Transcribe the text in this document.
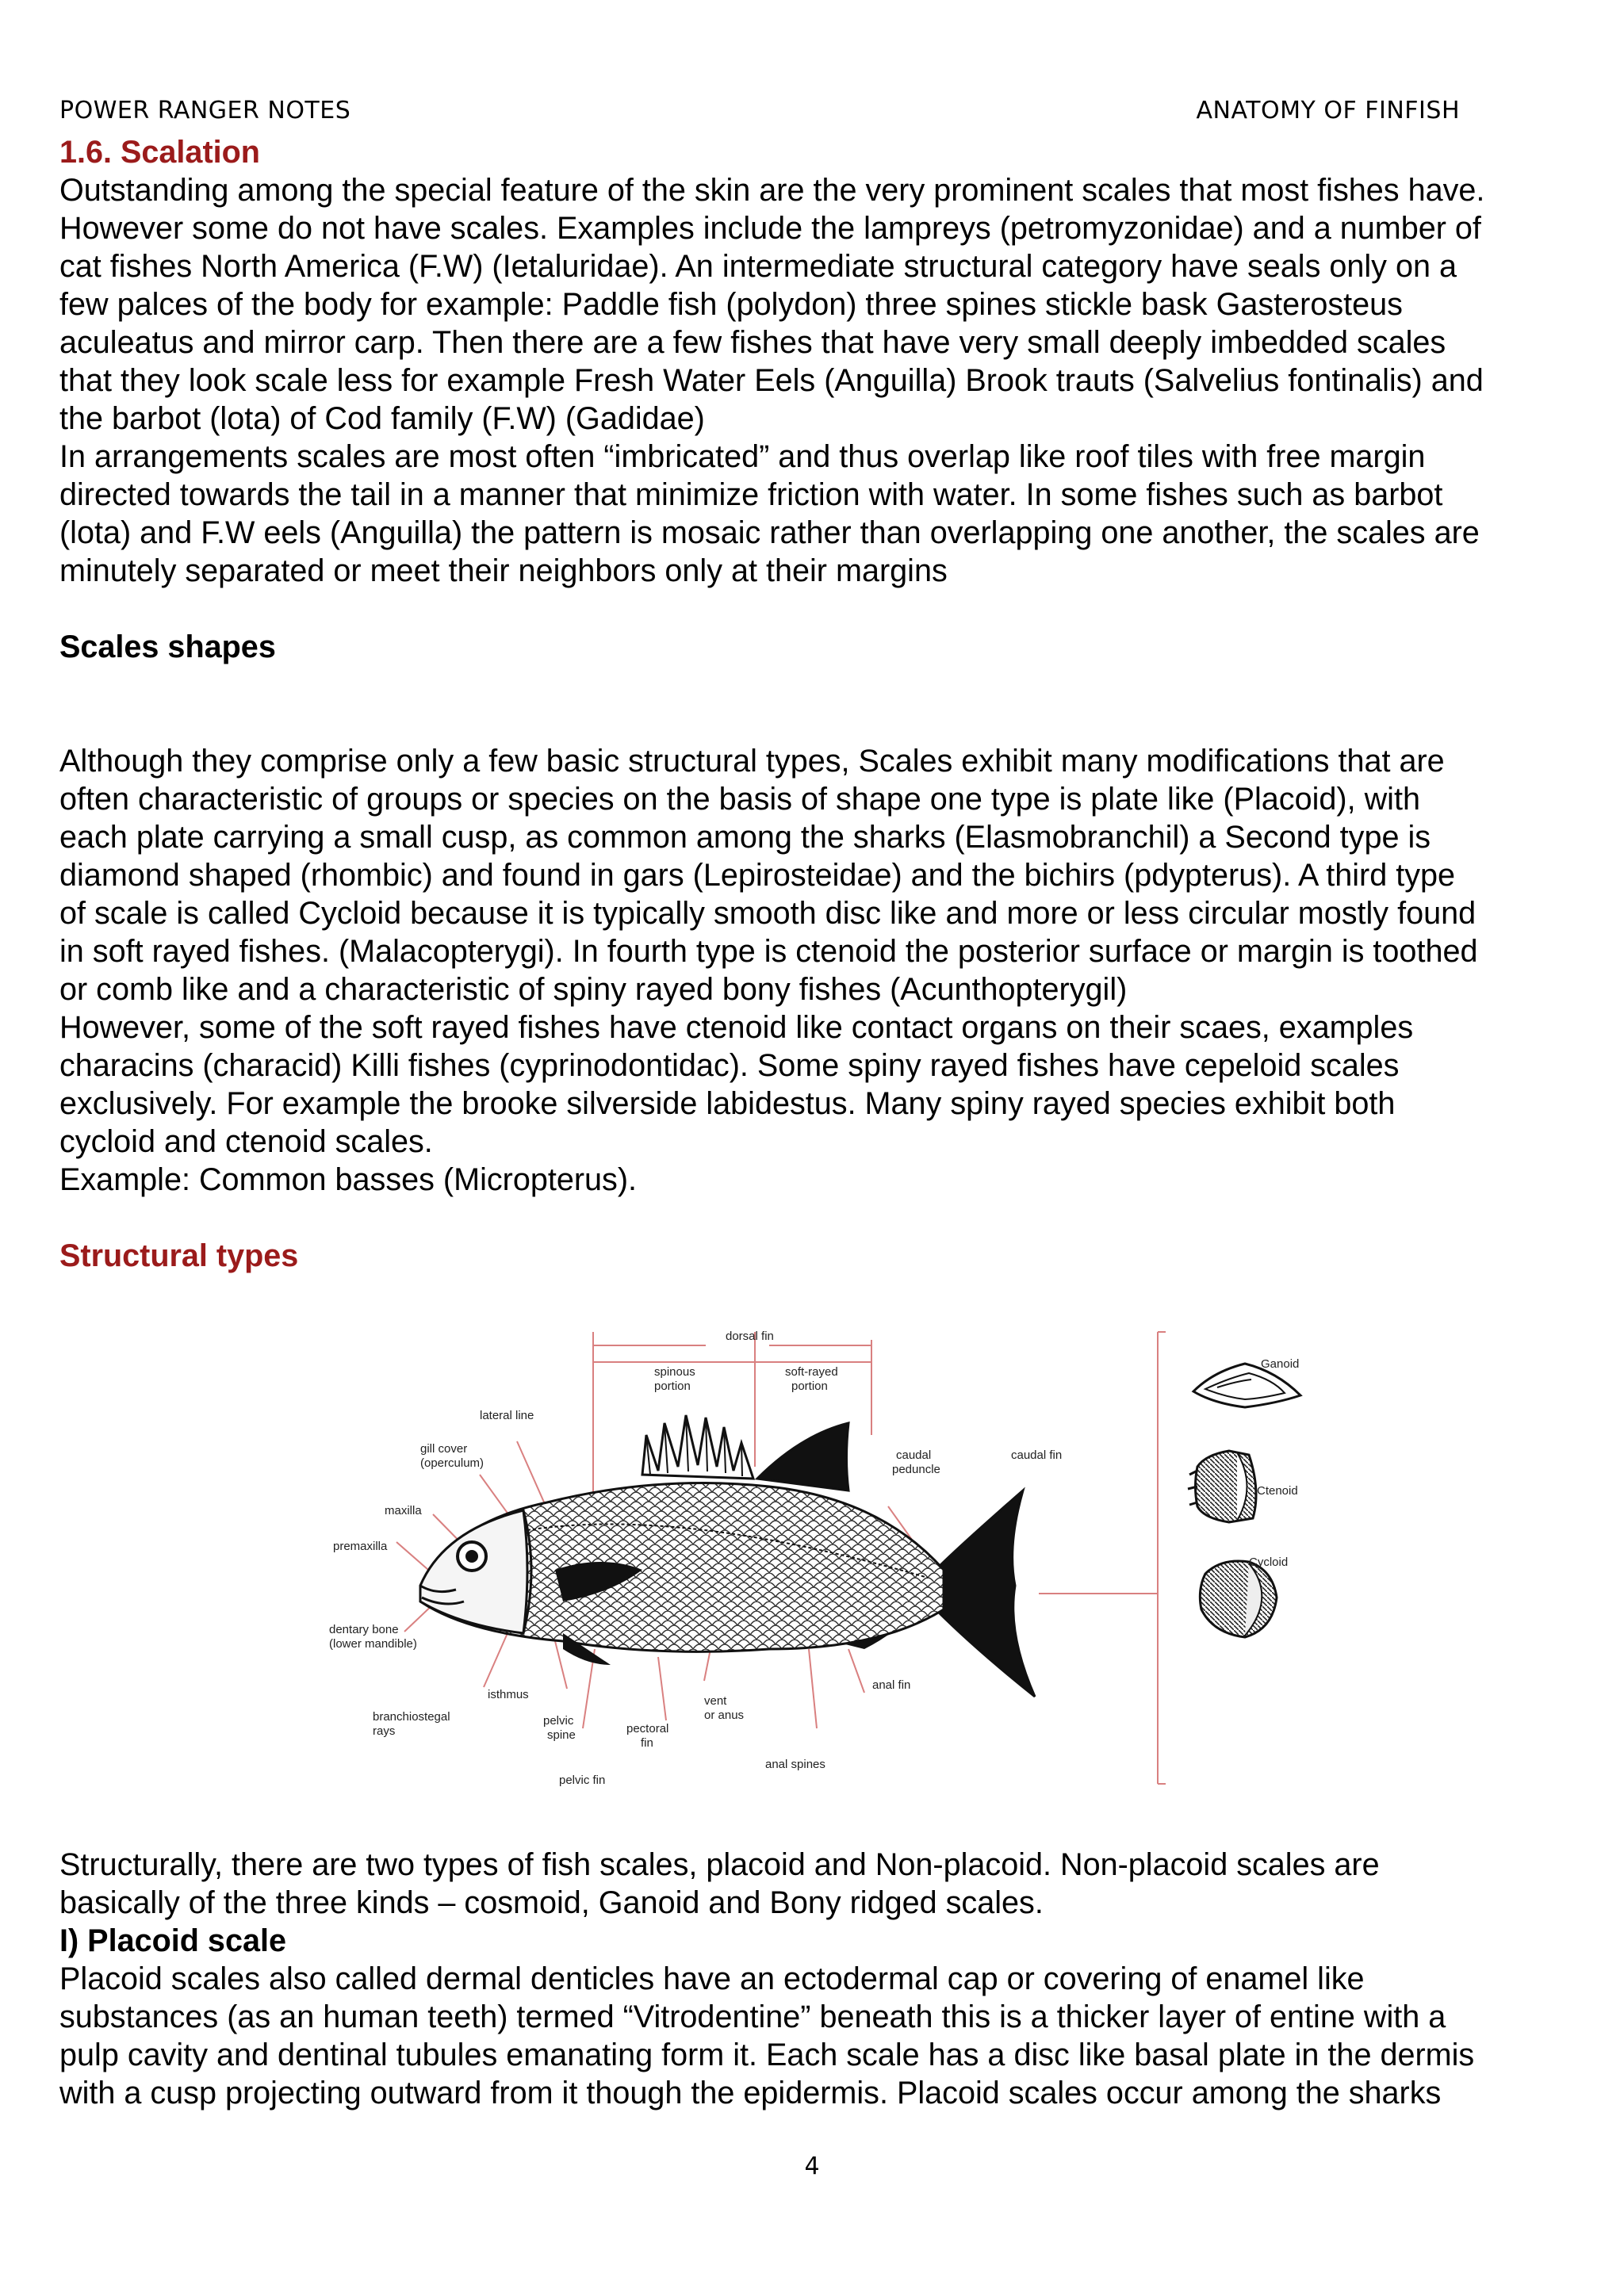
POWER RANGER NOTES	ANATOMY OF FINFISH
1.6. Scalation

Outstanding among the special feature of the skin are the very prominent scales that most fishes have.

However some do not have scales. Examples include the lampreys (petromyzonidae) and a number of

cat fishes North America (F.W) (Ietaluridae). An intermediate structural category have seals only on a

few palces of the body for example: Paddle fish (polydon) three spines stickle bask Gasterosteus

aculeatus and mirror carp. Then there are a few fishes that have very small deeply imbedded scales

that they look scale less for example Fresh Water Eels (Anguilla) Brook trauts (Salvelius fontinalis) and

the barbot (lota) of Cod family (F.W) (Gadidae)

In arrangements scales are most often “imbricated” and thus overlap like roof tiles with free margin

directed towards the tail in a manner that minimize friction with water. In some fishes such as barbot

(lota) and F.W eels (Anguilla) the pattern is mosaic rather than overlapping one another, the scales are

minutely separated or meet their neighbors only at their margins

Scales shapes

Although they comprise only a few basic structural types, Scales exhibit many modifications that are

often characteristic of groups or species on the basis of shape one type is plate like (Placoid), with

each plate carrying a small cusp, as common among the sharks (Elasmobranchil) a Second type is

diamond shaped (rhombic) and found in gars (Lepirosteidae) and the bichirs (pdypterus). A third type

of scale is called Cycloid because it is typically smooth disc like and more or less circular mostly found

in soft rayed fishes. (Malacopterygi). In fourth type is ctenoid the posterior surface or margin is toothed

or comb like and a characteristic of spiny rayed bony fishes (Acunthopterygil)

However, some of the soft rayed fishes have ctenoid like contact organs on their scaes, examples

characins (characid) Killi fishes (cyprinodontidac). Some spiny rayed fishes have cepeloid scales

exclusively. For example the brooke silverside labidestus. Many spiny rayed species exhibit both

cycloid and ctenoid scales.

Example: Common basses (Micropterus).

Structural types
dorsal fin
spinous
portion
soft-rayed
portion
lateral line
gill cover
(operculum)
maxilla
premaxilla
dentary bone
(lower mandible)
branchiostegal
rays
isthmus
pelvic
spine
pelvic fin
pectoral
fin
vent
or anus
anal spines
anal fin
caudal
peduncle
caudal fin
Ganoid
Ctenoid
Cycloid

Structurally, there are two types of fish scales, placoid and Non-placoid. Non-placoid scales are

basically of the three kinds – cosmoid, Ganoid and Bony ridged scales.

I) Placoid scale

Placoid scales also called dermal denticles have an ectodermal cap or covering of enamel like

substances (as an human teeth) termed “Vitrodentine” beneath this is a thicker layer of entine with a

pulp cavity and dentinal tubules emanating form it. Each scale has a disc like basal plate in the dermis

with a cusp projecting outward from it though the epidermis. Placoid scales occur among the sharks

4
